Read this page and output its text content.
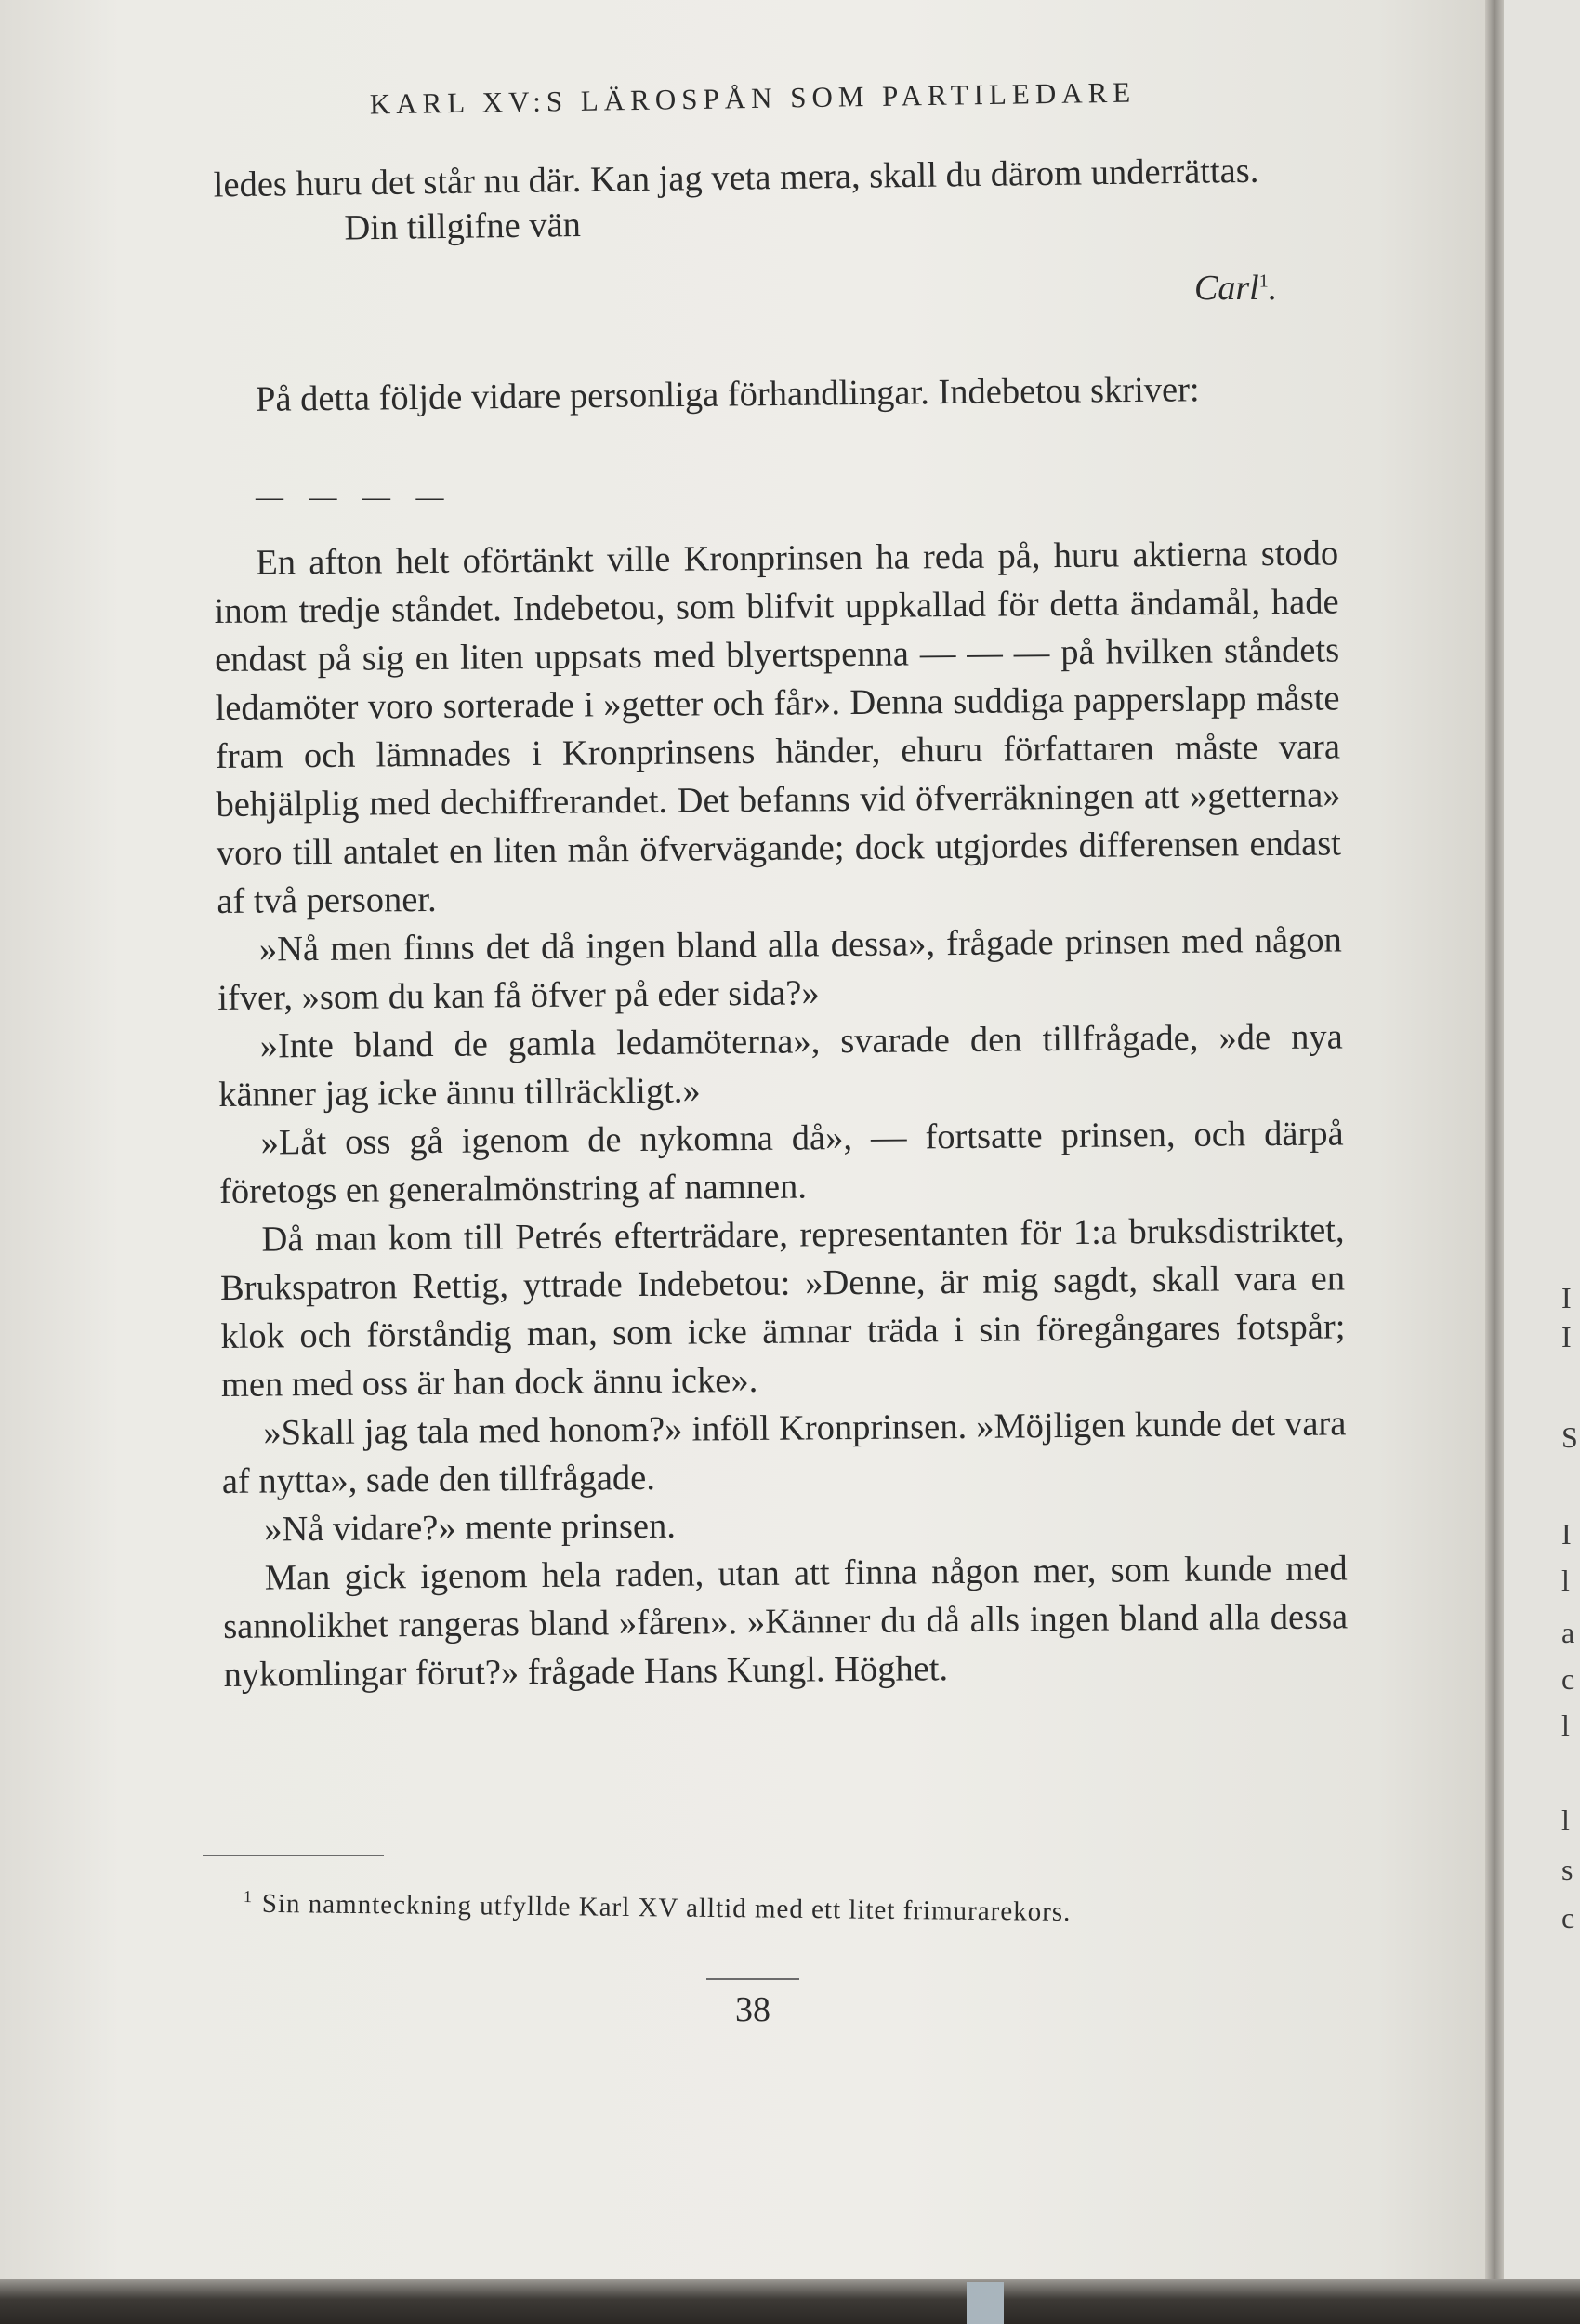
KARL XV:S LÄROSPÅN SOM PARTILEDARE

ledes huru det står nu där. Kan jag veta mera, skall du därom underrättas.

Din tillgifne vän

Carl$^1$.

På detta följde vidare personliga förhandlingar. Indebetou skriver:

— — — —

En afton helt oförtänkt ville Kronprinsen ha reda på, huru aktierna stodo inom tredje ståndet. Indebetou, som blifvit uppkallad för detta ändamål, hade endast på sig en liten uppsats med blyertspenna — — — på hvilken ståndets ledamöter voro sorterade i »getter och får». Denna suddiga papperslapp måste fram och lämnades i Kronprinsens händer, ehuru författaren måste vara behjälplig med dechiffrerandet. Det befanns vid öfverräkningen att »getterna» voro till antalet en liten mån öfvervägande; dock utgjordes differensen endast af två personer.

»Nå men finns det då ingen bland alla dessa», frågade prinsen med någon ifver, »som du kan få öfver på eder sida?»

»Inte bland de gamla ledamöterna», svarade den tillfrågade, »de nya känner jag icke ännu tillräckligt.»

»Låt oss gå igenom de nykomna då», — fortsatte prinsen, och därpå företogs en generalmönstring af namnen.

Då man kom till Petrés efterträdare, representanten för 1:a bruksdistriktet, Brukspatron Rettig, yttrade Indebetou: »Denne, är mig sagdt, skall vara en klok och förståndig man, som icke ämnar träda i sin föregångares fotspår; men med oss är han dock ännu icke».

»Skall jag tala med honom?» inföll Kronprinsen. »Möjligen kunde det vara af nytta», sade den tillfrågade.

»Nå vidare?» mente prinsen.

Man gick igenom hela raden, utan att finna någon mer, som kunde med sannolikhet rangeras bland »fåren». »Känner du då alls ingen bland alla dessa nykomlingar förut?» frågade Hans Kungl. Höghet.

$^1$ Sin namnteckning utfyllde Karl XV alltid med ett litet frimurarekors.
38
I
I
S
I
l
a
c
l
l
s
c
